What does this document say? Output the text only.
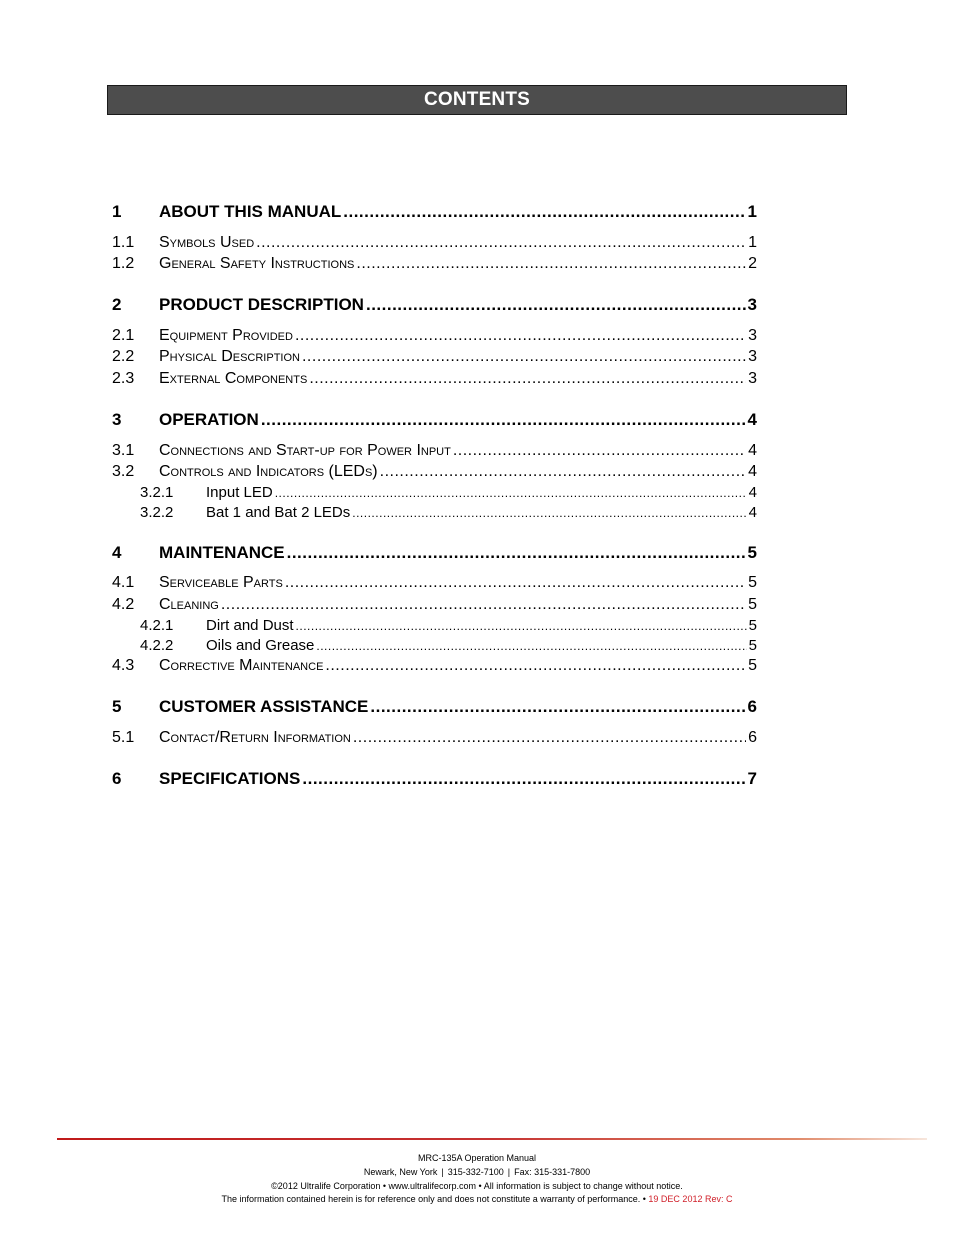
CONTENTS
1	ABOUT THIS MANUAL .....	1
1.1	Symbols Used .....	1
1.2	General Safety Instructions .....	2
2	PRODUCT DESCRIPTION .....	3
2.1	Equipment Provided .....	3
2.2	Physical Description .....	3
2.3	External Components .....	3
3	OPERATION .....	4
3.1	Connections and Start-up for Power Input .....	4
3.2	Controls and Indicators (LEDs) .....	4
3.2.1	Input LED .....	4
3.2.2	Bat 1 and Bat 2 LEDs .....	4
4	MAINTENANCE .....	5
4.1	Serviceable Parts .....	5
4.2	Cleaning .....	5
4.2.1	Dirt and Dust .....	5
4.2.2	Oils and Grease .....	5
4.3	Corrective Maintenance .....	5
5	CUSTOMER ASSISTANCE .....	6
5.1	Contact/Return Information .....	6
6	SPECIFICATIONS .....	7
MRC-135A Operation Manual
Newark, New York | 315-332-7100 | Fax: 315-331-7800
©2012 Ultralife Corporation • www.ultralifecorp.com • All information is subject to change without notice.
The information contained herein is for reference only and does not constitute a warranty of performance. • 19 DEC 2012 Rev: C
